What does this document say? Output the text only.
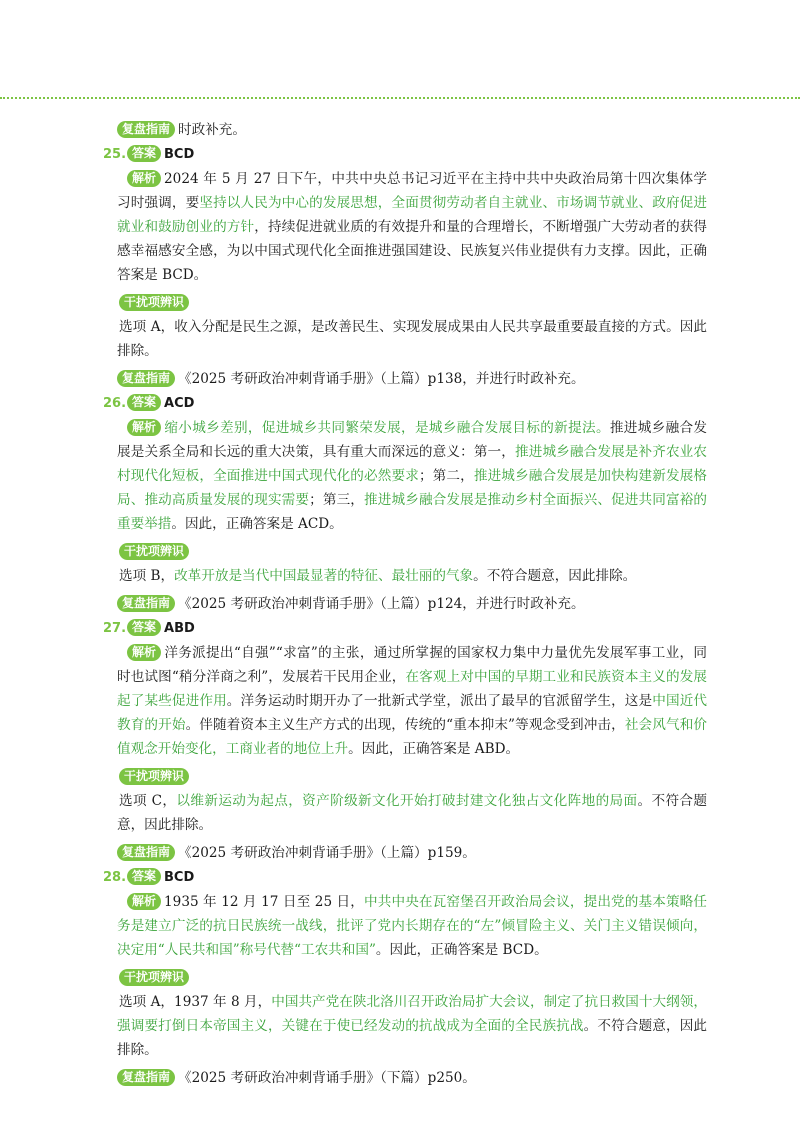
复盘指南 时政补充。
25. 答案 BCD
解析 2024 年 5 月 27 日下午，中共中央总书记习近平在主持中共中央政治局第十四次集体学习时强调，要坚持以人民为中心的发展思想，全面贯彻劳动者自主就业、市场调节就业、政府促进就业和鼓励创业的方针，持续促进就业质的有效提升和量的合理增长，不断增强广大劳动者的获得感幸福感安全感，为以中国式现代化全面推进强国建设、民族复兴伟业提供有力支撑。因此，正确答案是 BCD。
干扰项辨识
选项 A，收入分配是民生之源，是改善民生、实现发展成果由人民共享最重要最直接的方式。因此排除。
复盘指南 《2025 考研政治冲刺背诵手册》（上篇）p138，并进行时政补充。
26. 答案 ACD
解析 缩小城乡差别，促进城乡共同繁荣发展，是城乡融合发展目标的新提法。推进城乡融合发展是关系全局和长远的重大决策，具有重大而深远的意义：第一，推进城乡融合发展是补齐农业农村现代化短板，全面推进中国式现代化的必然要求；第二，推进城乡融合发展是加快构建新发展格局、推动高质量发展的现实需要；第三，推进城乡融合发展是推动乡村全面振兴、促进共同富裕的重要举措。因此，正确答案是 ACD。
干扰项辨识
选项 B，改革开放是当代中国最显著的特征、最壮丽的气象。不符合题意，因此排除。
复盘指南 《2025 考研政治冲刺背诵手册》（上篇）p124，并进行时政补充。
27. 答案 ABD
解析 洋务派提出“自强”“求富”的主张，通过所掌握的国家权力集中力量优先发展军事工业，同时也试图“稍分洋商之利”，发展若干民用企业，在客观上对中国的早期工业和民族资本主义的发展起了某些促进作用。洋务运动时期开办了一批新式学堂，派出了最早的官派留学生，这是中国近代教育的开始。伴随着资本主义生产方式的出现，传统的“重本抑末”等观念受到冲击，社会风气和价值观念开始变化，工商业者的地位上升。因此，正确答案是 ABD。
干扰项辨识
选项 C，以维新运动为起点，资产阶级新文化开始打破封建文化独占文化阵地的局面。不符合题意，因此排除。
复盘指南 《2025 考研政治冲刺背诵手册》（上篇）p159。
28. 答案 BCD
解析 1935 年 12 月 17 日至 25 日，中共中央在瓦窑堡召开政治局会议，提出党的基本策略任务是建立广泛的抗日民族统一战线，批评了党内长期存在的“左”倾冒险主义、关门主义错误倾向，决定用“人民共和国”称号代替“工农共和国”。因此，正确答案是 BCD。
干扰项辨识
选项 A，1937 年 8 月，中国共产党在陕北洛川召开政治局扩大会议，制定了抗日救国十大纲领，强调要打倒日本帝国主义，关键在于使已经发动的抗战成为全面的全民族抗战。不符合题意，因此排除。
复盘指南 《2025 考研政治冲刺背诵手册》（下篇）p250。
